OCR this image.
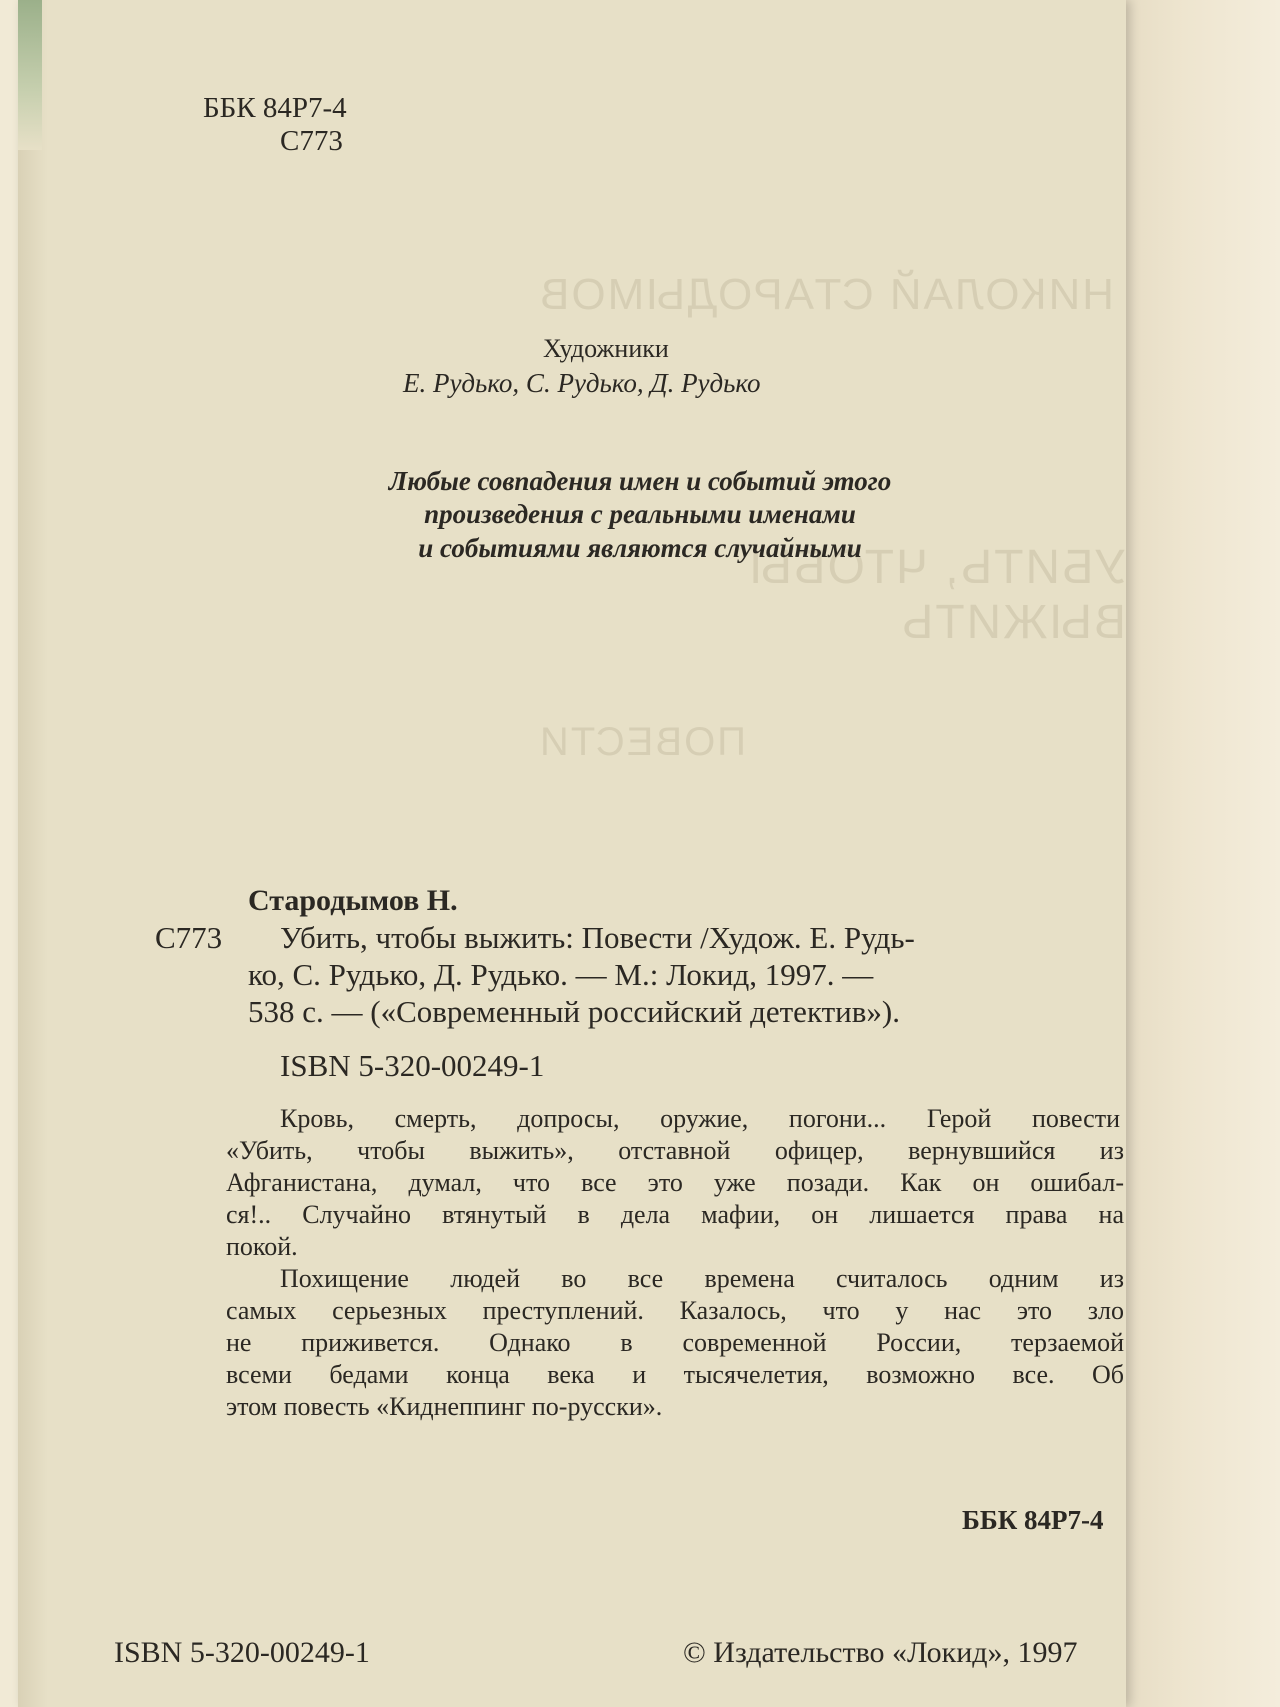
НИКОЛАЙ СТАРОДЫМОВ
УБИТЬ, ЧТОБЫ ВЫЖИТЬ
ПОВЕСТИ
ББК 84Р7-4
С773
Художники
Е. Рудько, С. Рудько, Д. Рудько
Любые совпадения имен и событий этого
произведения с реальными именами
и событиями являются случайными
Стародымов Н.
С773 Убить, чтобы выжить: Повести /Худож. Е. Рудь-
ко, С. Рудько, Д. Рудько. — М.: Локид, 1997. —
538 с. — («Современный российский детектив»).
ISBN 5-320-00249-1
Кровь, смерть, допросы, оружие, погони... Герой повести
«Убить, чтобы выжить», отставной офицер, вернувшийся из
Афганистана, думал, что все это уже позади. Как он ошибал-
ся!.. Случайно втянутый в дела мафии, он лишается права на
покой.
Похищение людей во все времена считалось одним из
самых серьезных преступлений. Казалось, что у нас это зло
не приживется. Однако в современной России, терзаемой
всеми бедами конца века и тысячелетия, возможно все. Об
этом повесть «Киднеппинг по-русски».
ББК 84Р7-4
ISBN 5-320-00249-1	© Издательство «Локид», 1997
